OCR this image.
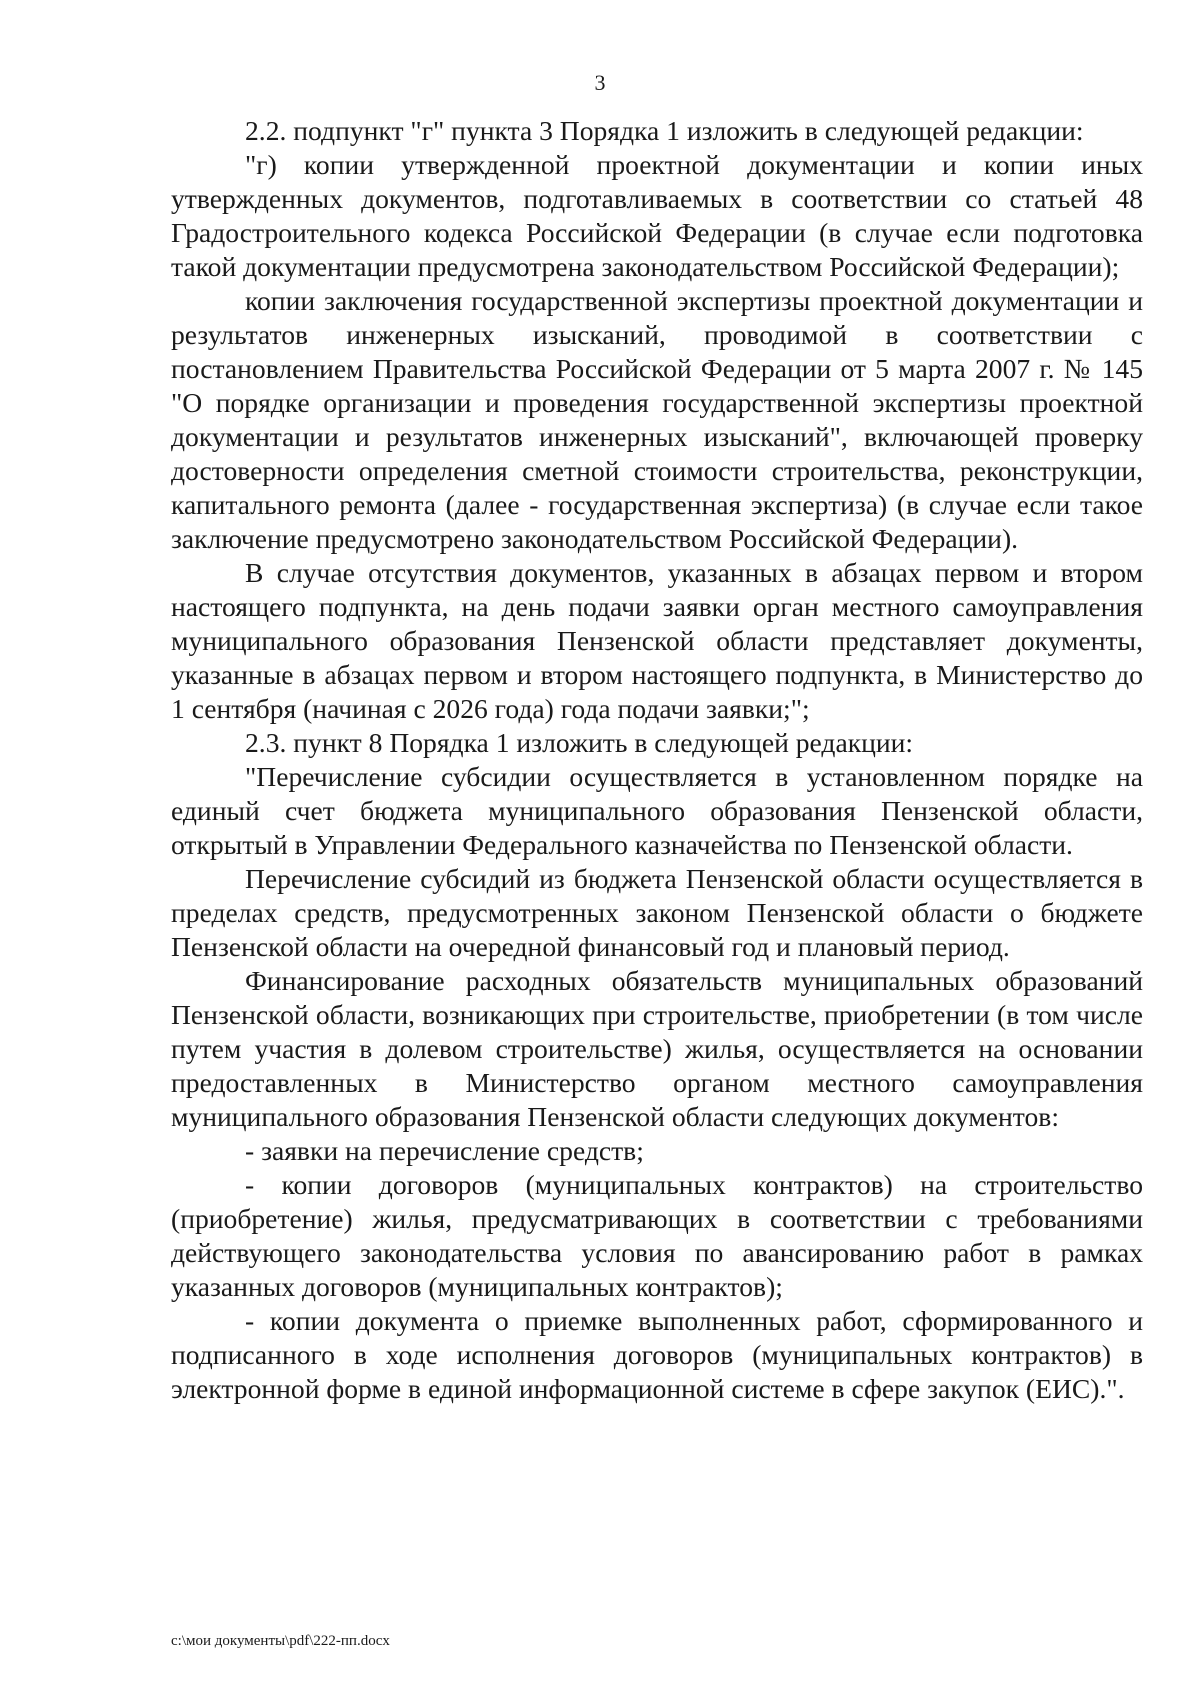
3

2.2. подпункт "г" пункта 3 Порядка 1 изложить в следующей редакции:

"г) копии утвержденной проектной документации и копии иных утвержденных документов, подготавливаемых в соответствии со статьей 48 Градостроительного кодекса Российской Федерации (в случае если подготовка такой документации предусмотрена законодательством Российской Федерации);

копии заключения государственной экспертизы проектной документации и результатов инженерных изысканий, проводимой в соответствии с постановлением Правительства Российской Федерации от 5 марта 2007 г. № 145 "О порядке организации и проведения государственной экспертизы проектной документации и результатов инженерных изысканий", включающей проверку достоверности определения сметной стоимости строительства, реконструкции, капитального ремонта (далее - государственная экспертиза) (в случае если такое заключение предусмотрено законодательством Российской Федерации).

В случае отсутствия документов, указанных в абзацах первом и втором настоящего подпункта, на день подачи заявки орган местного самоуправления муниципального образования Пензенской области представляет документы, указанные в абзацах первом и втором настоящего подпункта, в Министерство до 1 сентября (начиная с 2026 года) года подачи заявки;";

2.3. пункт 8 Порядка 1 изложить в следующей редакции:

"Перечисление субсидии осуществляется в установленном порядке на единый счет бюджета муниципального образования Пензенской области, открытый в Управлении Федерального казначейства по Пензенской области.

Перечисление субсидий из бюджета Пензенской области осуществляется в пределах средств, предусмотренных законом Пензенской области о бюджете Пензенской области на очередной финансовый год и плановый период.

Финансирование расходных обязательств муниципальных образований Пензенской области, возникающих при строительстве, приобретении (в том числе путем участия в долевом строительстве) жилья, осуществляется на основании предоставленных в Министерство органом местного самоуправления муниципального образования Пензенской области следующих документов:

- заявки на перечисление средств;

- копии договоров (муниципальных контрактов) на строительство (приобретение) жилья, предусматривающих в соответствии с требованиями действующего законодательства условия по авансированию работ в рамках указанных договоров (муниципальных контрактов);

- копии документа о приемке выполненных работ, сформированного и подписанного в ходе исполнения договоров (муниципальных контрактов) в электронной форме в единой информационной системе в сфере закупок (ЕИС).".

c:\мои документы\pdf\222-пп.docx
